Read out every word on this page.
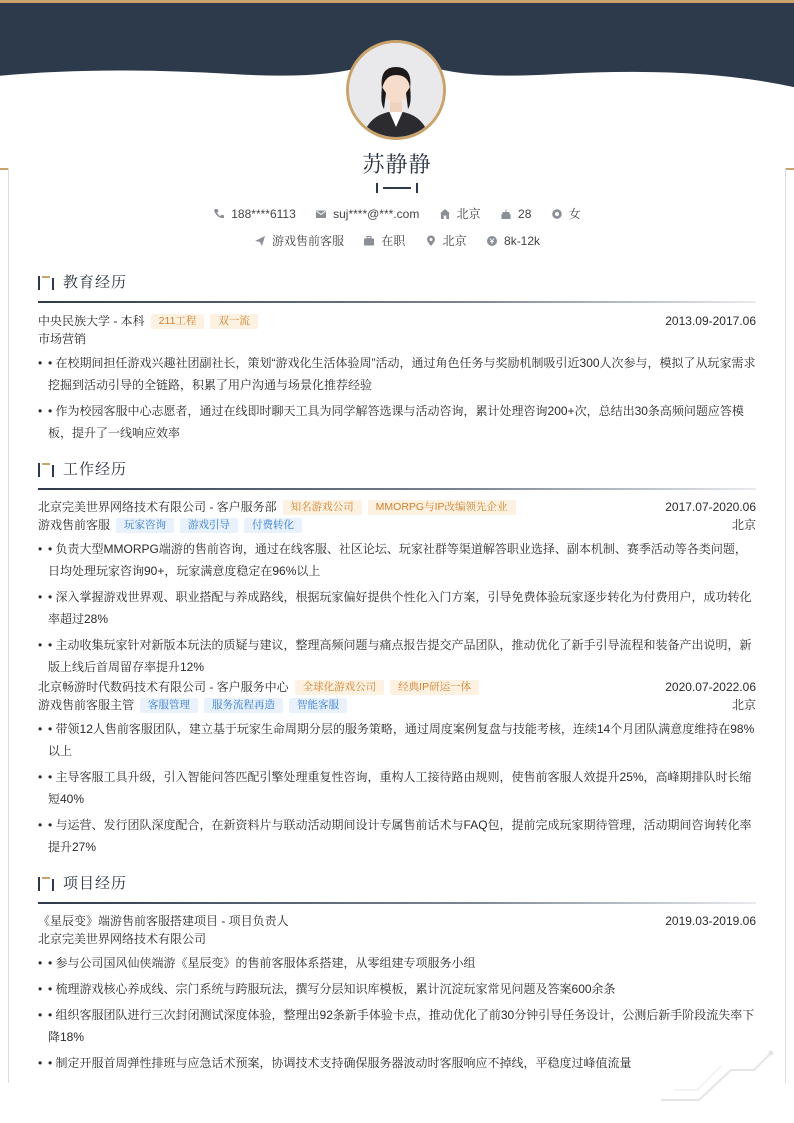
苏静静
188****6113	suj****@***.com	北京	28	女
游戏售前客服	在职	北京	8k-12k
教育经历
中央民族大学 - 本科 211工程 双一流	2013.09-2017.06
市场营销
• • 在校期间担任游戏兴趣社团副社长，策划“游戏化生活体验周”活动，通过角色任务与奖励机制吸引近300人次参与，模拟了从玩家需求挖掘到活动引导的全链路，积累了用户沟通与场景化推荐经验
• • 作为校园客服中心志愿者，通过在线即时聊天工具为同学解答选课与活动咨询，累计处理咨询200+次，总结出30条高频问题应答模板，提升了一线响应效率
工作经历
北京完美世界网络技术有限公司 - 客户服务部 知名游戏公司 MMORPG与IP改编领先企业	2017.07-2020.06
游戏售前客服 玩家咨询 游戏引导 付费转化	北京
• • 负责大型MMORPG端游的售前咨询，通过在线客服、社区论坛、玩家社群等渠道解答职业选择、副本机制、赛季活动等各类问题，日均处理玩家咨询90+，玩家满意度稳定在96%以上
• • 深入掌握游戏世界观、职业搭配与养成路线，根据玩家偏好提供个性化入门方案，引导免费体验玩家逐步转化为付费用户，成功转化率超过28%
• • 主动收集玩家针对新版本玩法的质疑与建议，整理高频问题与痛点报告提交产品团队，推动优化了新手引导流程和装备产出说明，新版上线后首周留存率提升12%
北京畅游时代数码技术有限公司 - 客户服务中心 全球化游戏公司 经典IP研运一体	2020.07-2022.06
游戏售前客服主管 客服管理 服务流程再造 智能客服	北京
• • 带领12人售前客服团队，建立基于玩家生命周期分层的服务策略，通过周度案例复盘与技能考核，连续14个月团队满意度维持在98%以上
• • 主导客服工具升级，引入智能问答匹配引擎处理重复性咨询，重构人工接待路由规则，使售前客服人效提升25%，高峰期排队时长缩短40%
• • 与运营、发行团队深度配合，在新资料片与联动活动期间设计专属售前话术与FAQ包，提前完成玩家期待管理，活动期间咨询转化率提升27%
项目经历
《星辰变》端游售前客服搭建项目 - 项目负责人	2019.03-2019.06
北京完美世界网络技术有限公司
• • 参与公司国风仙侠端游《星辰变》的售前客服体系搭建，从零组建专项服务小组
• • 梳理游戏核心养成线、宗门系统与跨服玩法，撰写分层知识库模板，累计沉淀玩家常见问题及答案600余条
• • 组织客服团队进行三次封闭测试深度体验，整理出92条新手体验卡点，推动优化了前30分钟引导任务设计，公测后新手阶段流失率下降18%
• • 制定开服首周弹性排班与应急话术预案，协调技术支持确保服务器波动时客服响应不掉线，平稳度过峰值流量
